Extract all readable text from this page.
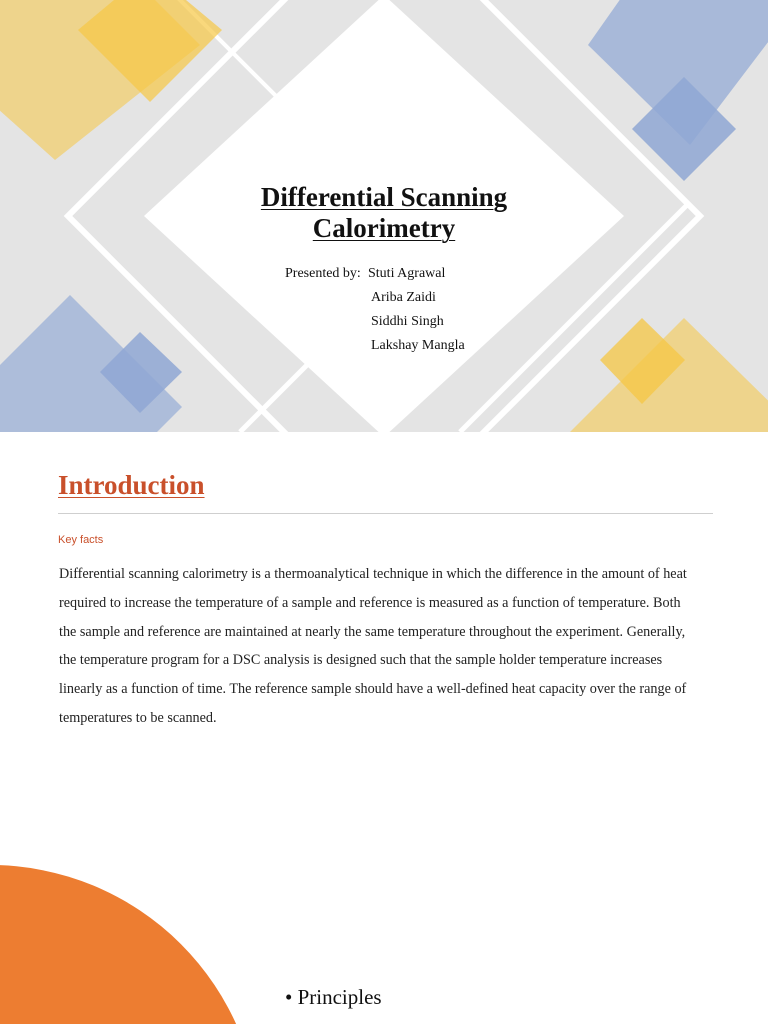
Differential Scanning
Calorimetry
Presented by: Stuti Agrawal
Ariba Zaidi
Siddhi Singh
Lakshay Mangla
Introduction
Key facts

Differential scanning calorimetry is a thermoanalytical technique in which the difference in the amount of heat required to increase the temperature of a sample and reference is measured as a function of temperature. Both the sample and reference are maintained at nearly the same temperature throughout the experiment. Generally, the temperature program for a DSC analysis is designed such that the sample holder temperature increases linearly as a function of time. The reference sample should have a well-defined heat capacity over the range of temperatures to be scanned.

• Principles
